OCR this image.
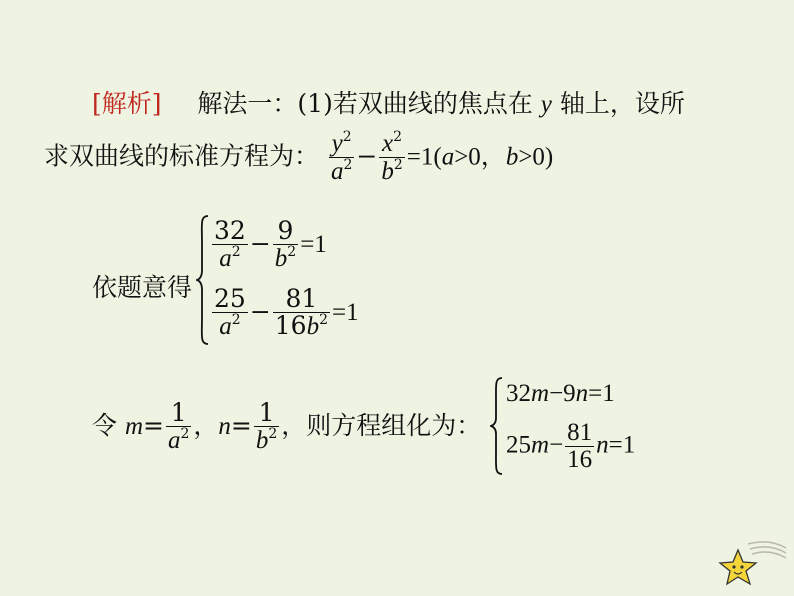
[解析] 解法一：(1)若双曲线的焦点在 y 轴上，设所
求双曲线的标准方程为： $\frac{y^2}{a^2} - \frac{x^2}{b^2} =1(a>0$，b>0)
依题意得
$\frac{32}{a^2} - \frac{9}{b^2} =1$
$\frac{25}{a^2} - \frac{81}{16b^2} =1$
令 $m= \frac{1}{a^2}$ ，$n= \frac{1}{b^2}$ ，则方程组化为：
32m−9n=1
$25m- \frac{81}{16} n=1$
